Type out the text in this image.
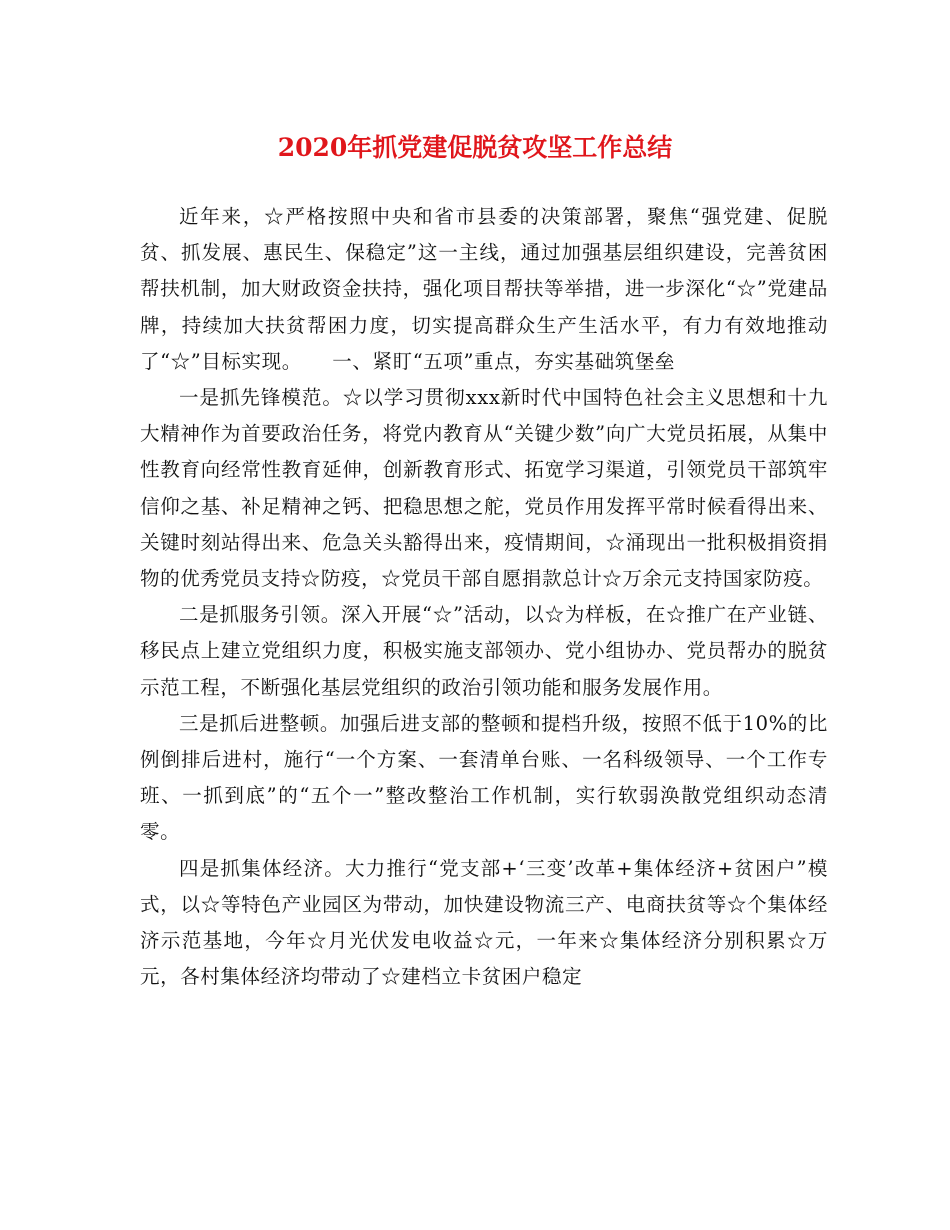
2020年抓党建促脱贫攻坚工作总结

近年来，☆严格按照中央和省市县委的决策部署，聚焦“强党建、促脱贫、抓发展、惠民生、保稳定”这一主线，通过加强基层组织建设，完善贫困帮扶机制，加大财政资金扶持，强化项目帮扶等举措，进一步深化“☆”党建品牌，持续加大扶贫帮困力度，切实提高群众生产生活水平，有力有效地推动了“☆”目标实现。　　一、紧盯“五项”重点，夯实基础筑堡垒

一是抓先锋模范。☆以学习贯彻xxx新时代中国特色社会主义思想和十九大精神作为首要政治任务，将党内教育从“关键少数”向广大党员拓展，从集中性教育向经常性教育延伸，创新教育形式、拓宽学习渠道，引领党员干部筑牢信仰之基、补足精神之钙、把稳思想之舵，党员作用发挥平常时候看得出来、关键时刻站得出来、危急关头豁得出来，疫情期间，☆涌现出一批积极捐资捐物的优秀党员支持☆防疫，☆党员干部自愿捐款总计☆万余元支持国家防疫。

二是抓服务引领。深入开展“☆”活动，以☆为样板，在☆推广在产业链、移民点上建立党组织力度，积极实施支部领办、党小组协办、党员帮办的脱贫示范工程，不断强化基层党组织的政治引领功能和服务发展作用。

三是抓后进整顿。加强后进支部的整顿和提档升级，按照不低于10%的比例倒排后进村，施行“一个方案、一套清单台账、一名科级领导、一个工作专班、一抓到底”的“五个一”整改整治工作机制，实行软弱涣散党组织动态清零。

四是抓集体经济。大力推行“党支部+‘三变’改革+集体经济+贫困户”模式，以☆等特色产业园区为带动，加快建设物流三产、电商扶贫等☆个集体经济示范基地，今年☆月光伏发电收益☆元，一年来☆集体经济分别积累☆万元，各村集体经济均带动了☆建档立卡贫困户稳定
